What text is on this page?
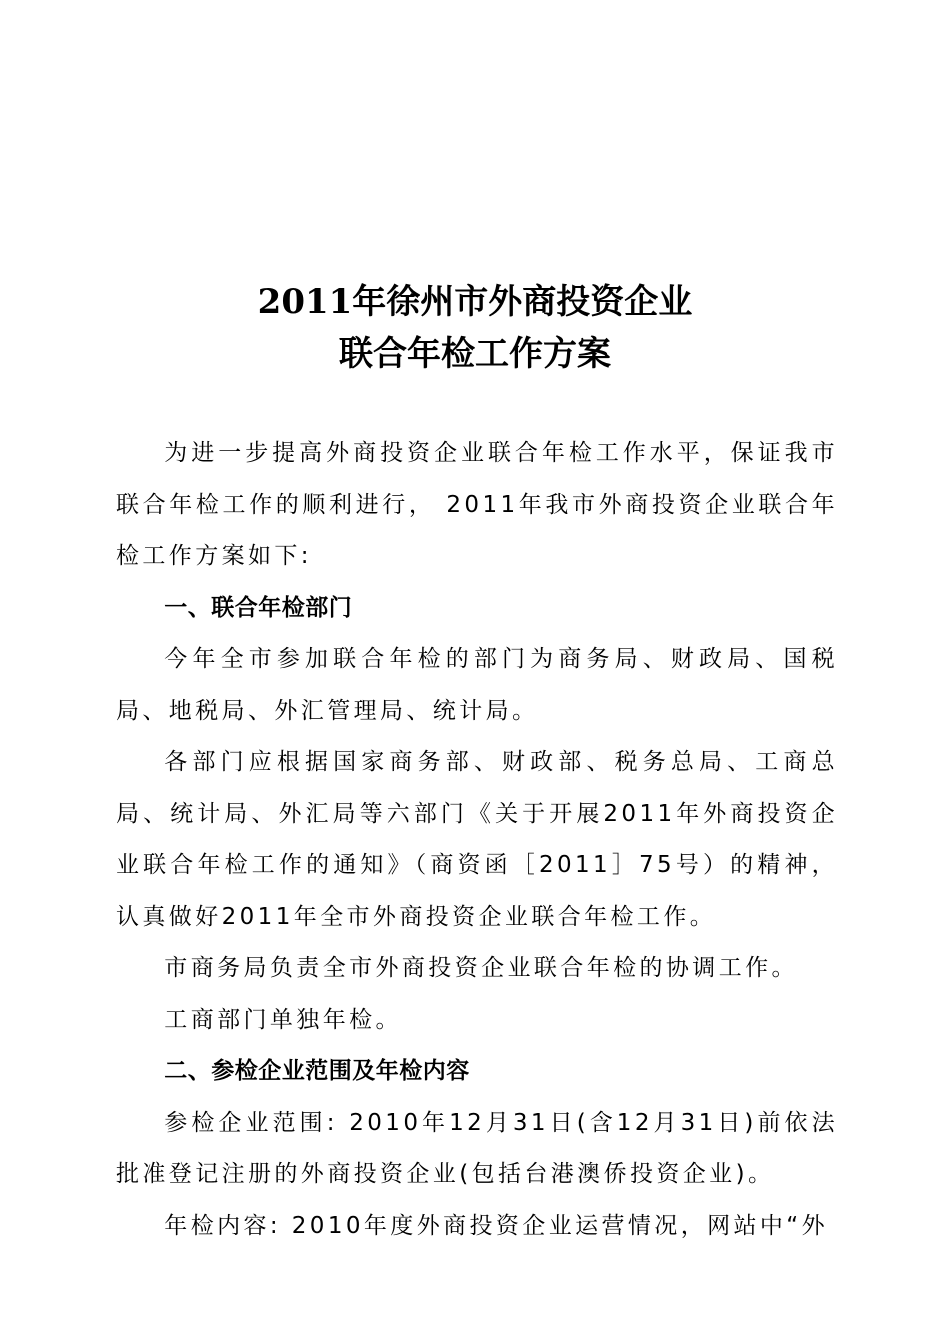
2011年徐州市外商投资企业
联合年检工作方案

为进一步提高外商投资企业联合年检工作水平，保证我市联合年检工作的顺利进行， 2011年我市外商投资企业联合年检工作方案如下:

一、联合年检部门

今年全市参加联合年检的部门为商务局、财政局、国税局、地税局、外汇管理局、统计局。

各部门应根据国家商务部、财政部、税务总局、工商总局、统计局、外汇局等六部门《关于开展2011年外商投资企业联合年检工作的通知》（商资函［2011］75号）的精神，认真做好2011年全市外商投资企业联合年检工作。

市商务局负责全市外商投资企业联合年检的协调工作。

工商部门单独年检。

二、参检企业范围及年检内容

参检企业范围: 2010年12月31日(含12月31日)前依法批准登记注册的外商投资企业(包括台港澳侨投资企业)。

年检内容: 2010年度外商投资企业运营情况，网站中“外
